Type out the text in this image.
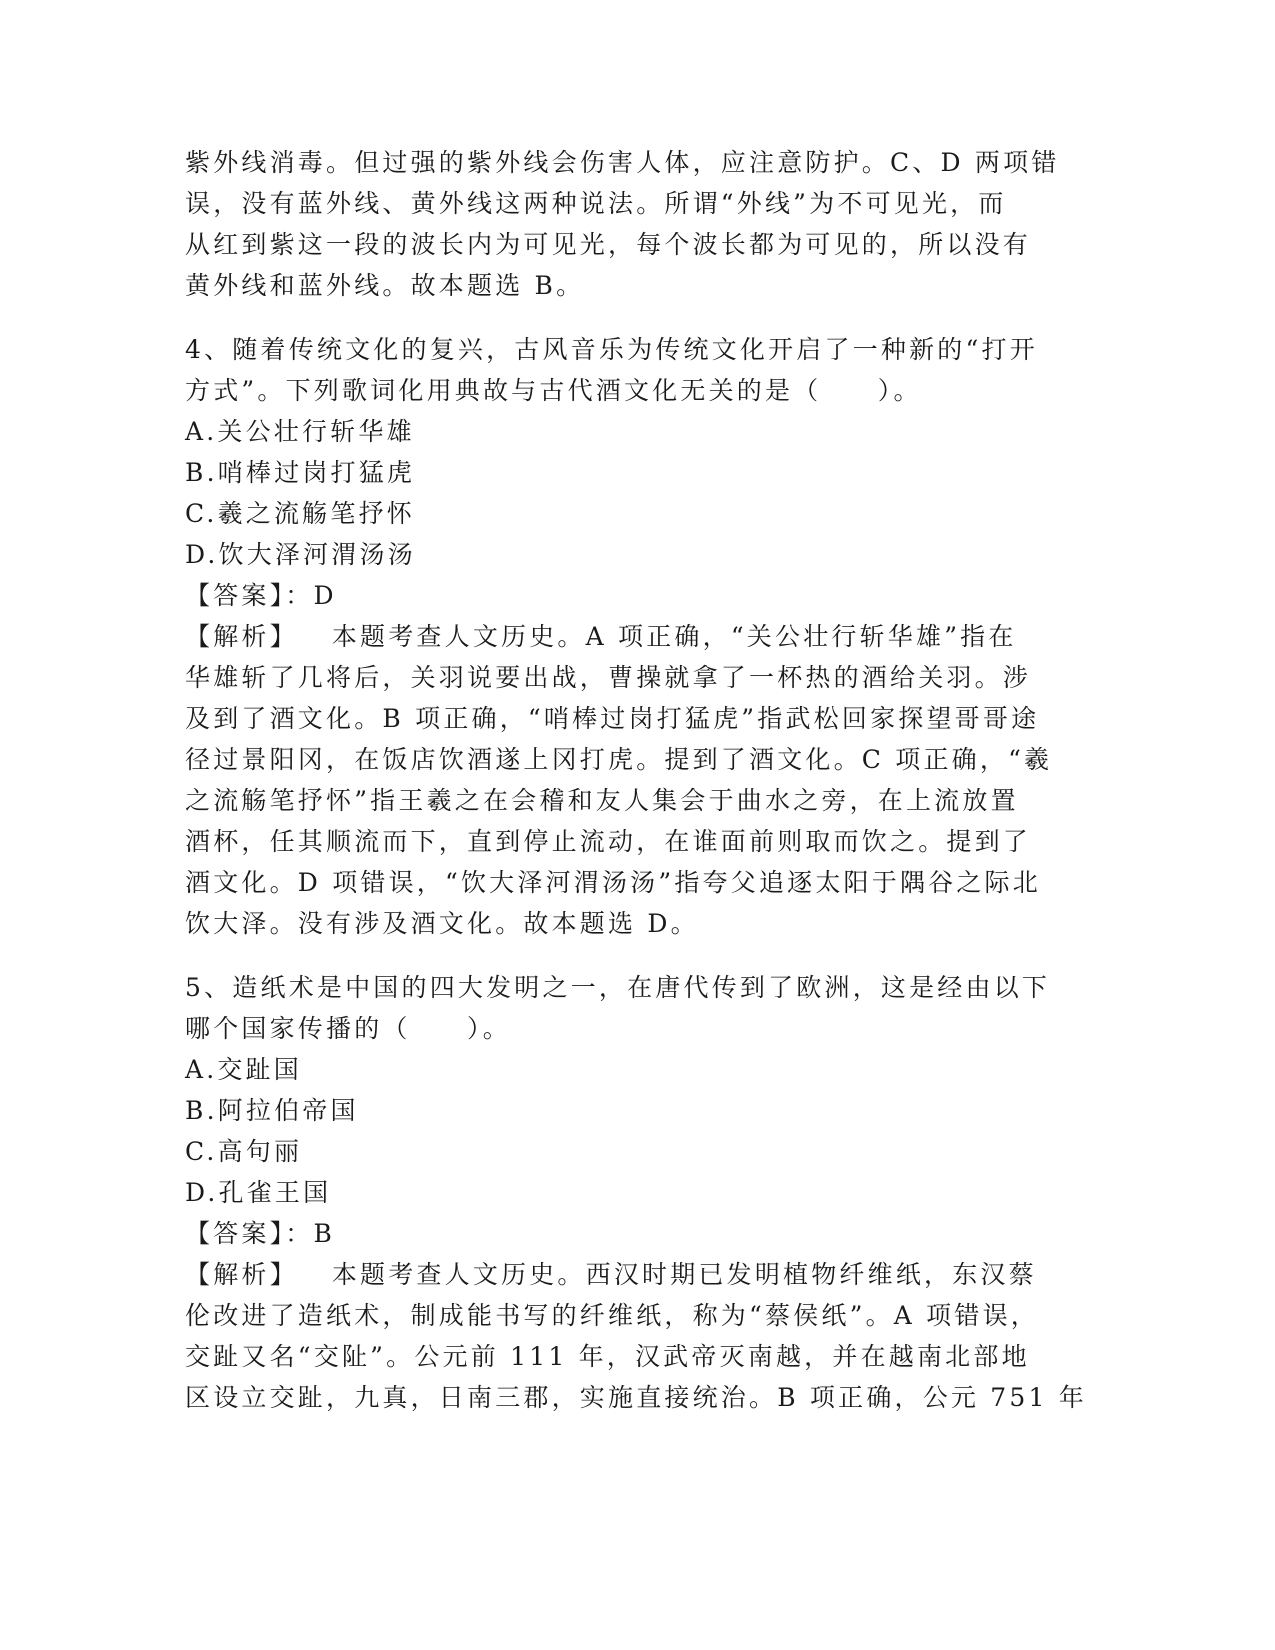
紫外线消毒。但过强的紫外线会伤害人体，应注意防护。C、D 两项错
误，没有蓝外线、黄外线这两种说法。所谓“外线”为不可见光，而
从红到紫这一段的波长内为可见光，每个波长都为可见的，所以没有
黄外线和蓝外线。故本题选 B。
4、随着传统文化的复兴，古风音乐为传统文化开启了一种新的“打开
方式”。下列歌词化用典故与古代酒文化无关的是（　　）。
A.关公壮行斩华雄
B.哨棒过岗打猛虎
C.羲之流觞笔抒怀
D.饮大泽河渭汤汤
【答案】：D
【解析】 本题考查人文历史。A 项正确，“关公壮行斩华雄”指在
华雄斩了几将后，关羽说要出战，曹操就拿了一杯热的酒给关羽。涉
及到了酒文化。B 项正确，“哨棒过岗打猛虎”指武松回家探望哥哥途
径过景阳冈，在饭店饮酒遂上冈打虎。提到了酒文化。C 项正确，“羲
之流觞笔抒怀”指王羲之在会稽和友人集会于曲水之旁，在上流放置
酒杯，任其顺流而下，直到停止流动，在谁面前则取而饮之。提到了
酒文化。D 项错误，“饮大泽河渭汤汤”指夸父追逐太阳于隅谷之际北
饮大泽。没有涉及酒文化。故本题选 D。
5、造纸术是中国的四大发明之一，在唐代传到了欧洲，这是经由以下
哪个国家传播的（　　）。
A.交趾国
B.阿拉伯帝国
C.高句丽
D.孔雀王国
【答案】：B
【解析】 本题考查人文历史。西汉时期已发明植物纤维纸，东汉蔡
伦改进了造纸术，制成能书写的纤维纸，称为“蔡侯纸”。A 项错误，
交趾又名“交阯”。公元前 111 年，汉武帝灭南越，并在越南北部地
区设立交趾，九真，日南三郡，实施直接统治。B 项正确，公元 751 年
